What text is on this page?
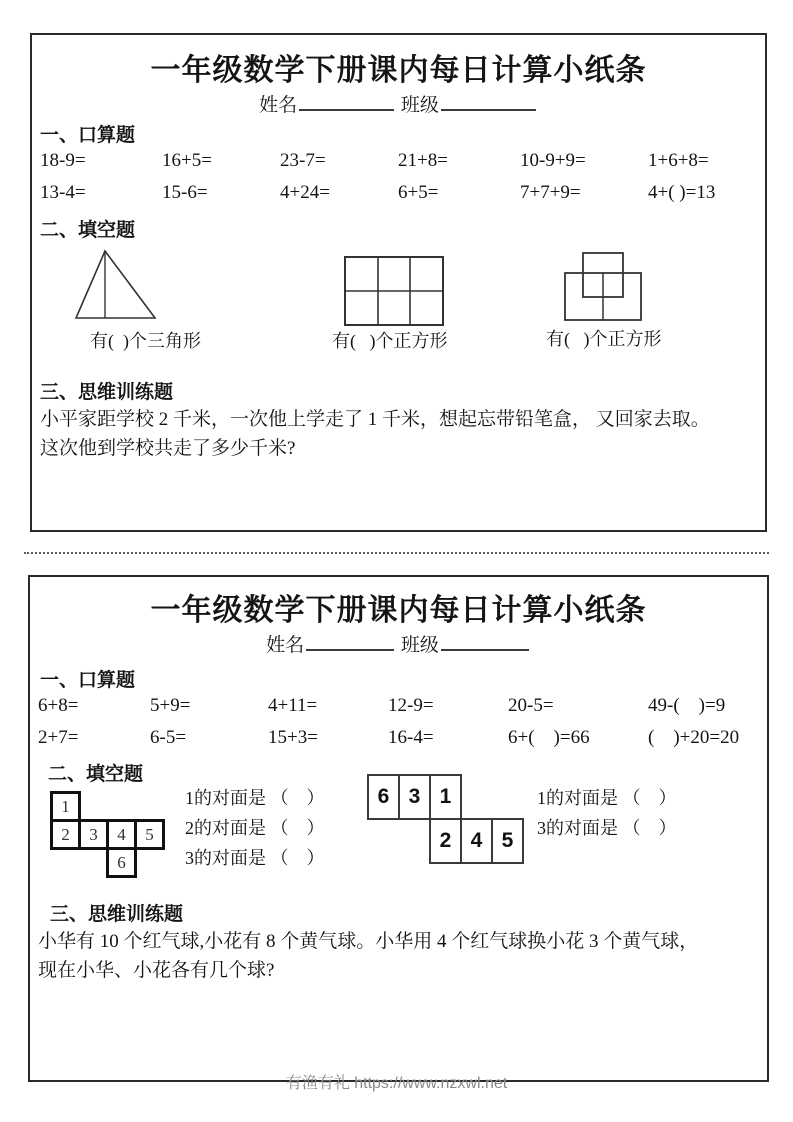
一年级数学下册课内每日计算小纸条
姓名	班级
一、口算题
18-9=	16+5=	23-7=	21+8=	10-9+9=	1+6+8=
13-4=	15-6=	4+24=	6+5=	7+7+9=	4+( )=13
二、填空题
有(  )个三角形	有(   )个正方形	有(   )个正方形
三、思维训练题
小平家距学校 2 千米，一次他上学走了 1 千米，想起忘带铅笔盒， 又回家去取。
这次他到学校共走了多少千米?
一年级数学下册课内每日计算小纸条
姓名	班级
一、口算题
6+8=	5+9=	4+11=	12-9=	20-5=	49-(    )=9
2+7=	6-5=	15+3=	16-4=	6+(    )=66	(    )+20=20
二、填空题
1
2	3	4	5
6
1的对面是 （    ）
2的对面是 （    ）
3的对面是 （    ）
6 3 1
2 4 5
1的对面是 （    ）
3的对面是 （    ）
三、思维训练题
小华有 10 个红气球,小花有 8 个黄气球。小华用 4 个红气球换小花 3 个黄气球，
现在小华、小花各有几个球?
有渔有礼 https://www.nzxwl.net
